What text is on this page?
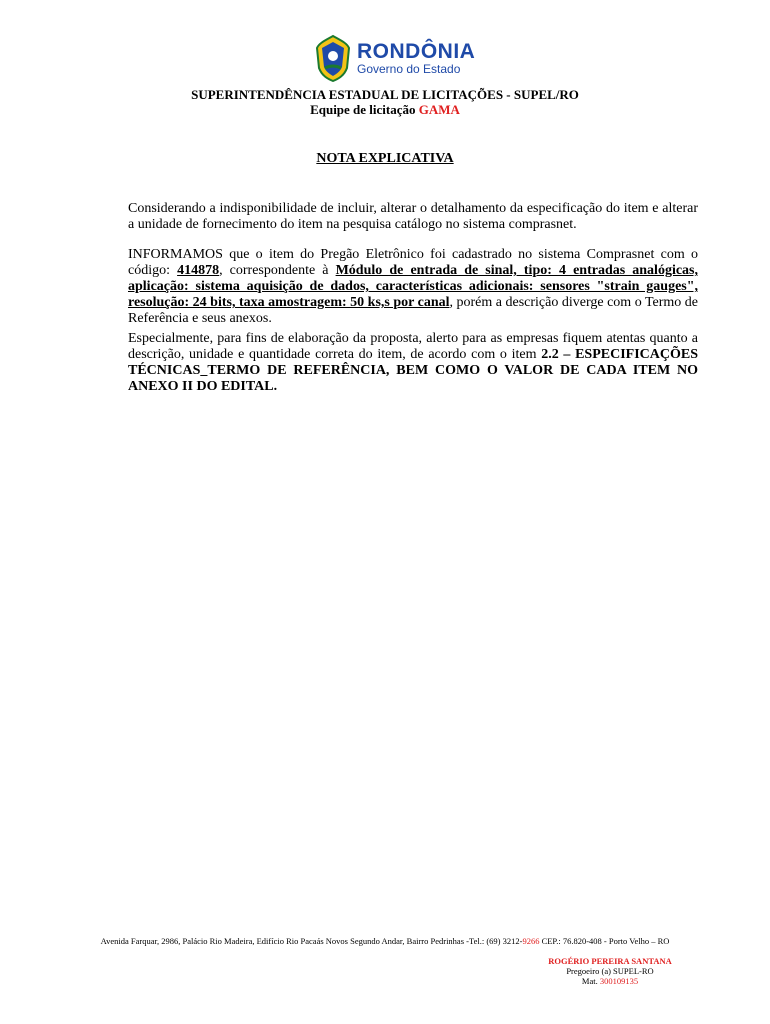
RONDÔNIA
Governo do Estado
SUPERINTENDÊNCIA ESTADUAL DE LICITAÇÕES - SUPEL/RO
Equipe de licitação GAMA
NOTA EXPLICATIVA

Considerando a indisponibilidade de incluir, alterar o detalhamento da especificação do item e alterar a unidade de fornecimento do item na pesquisa catálogo no sistema comprasnet.

INFORMAMOS que o item do Pregão Eletrônico foi cadastrado no sistema Comprasnet com o código: 414878, correspondente à Módulo de entrada de sinal, tipo: 4 entradas analógicas, aplicação: sistema aquisição de dados, características adicionais: sensores "strain gauges", resolução: 24 bits, taxa amostragem: 50 ks,s por canal, porém a descrição diverge com o Termo de Referência e seus anexos.

Especialmente, para fins de elaboração da proposta, alerto para as empresas fiquem atentas quanto a descrição, unidade e quantidade correta do item, de acordo com o item 2.2 – ESPECIFICAÇÕES TÉCNICAS_TERMO DE REFERÊNCIA, BEM COMO O VALOR DE CADA ITEM NO ANEXO II DO EDITAL.

Avenida Farquar, 2986, Palácio Rio Madeira, Edifício Rio Pacaás Novos Segundo Andar, Bairro Pedrinhas -Tel.: (69) 3212-9266 CEP.: 76.820-408 - Porto Velho – RO
ROGÉRIO PEREIRA SANTANA
Pregoeiro (a) SUPEL-RO
Mat. 300109135
